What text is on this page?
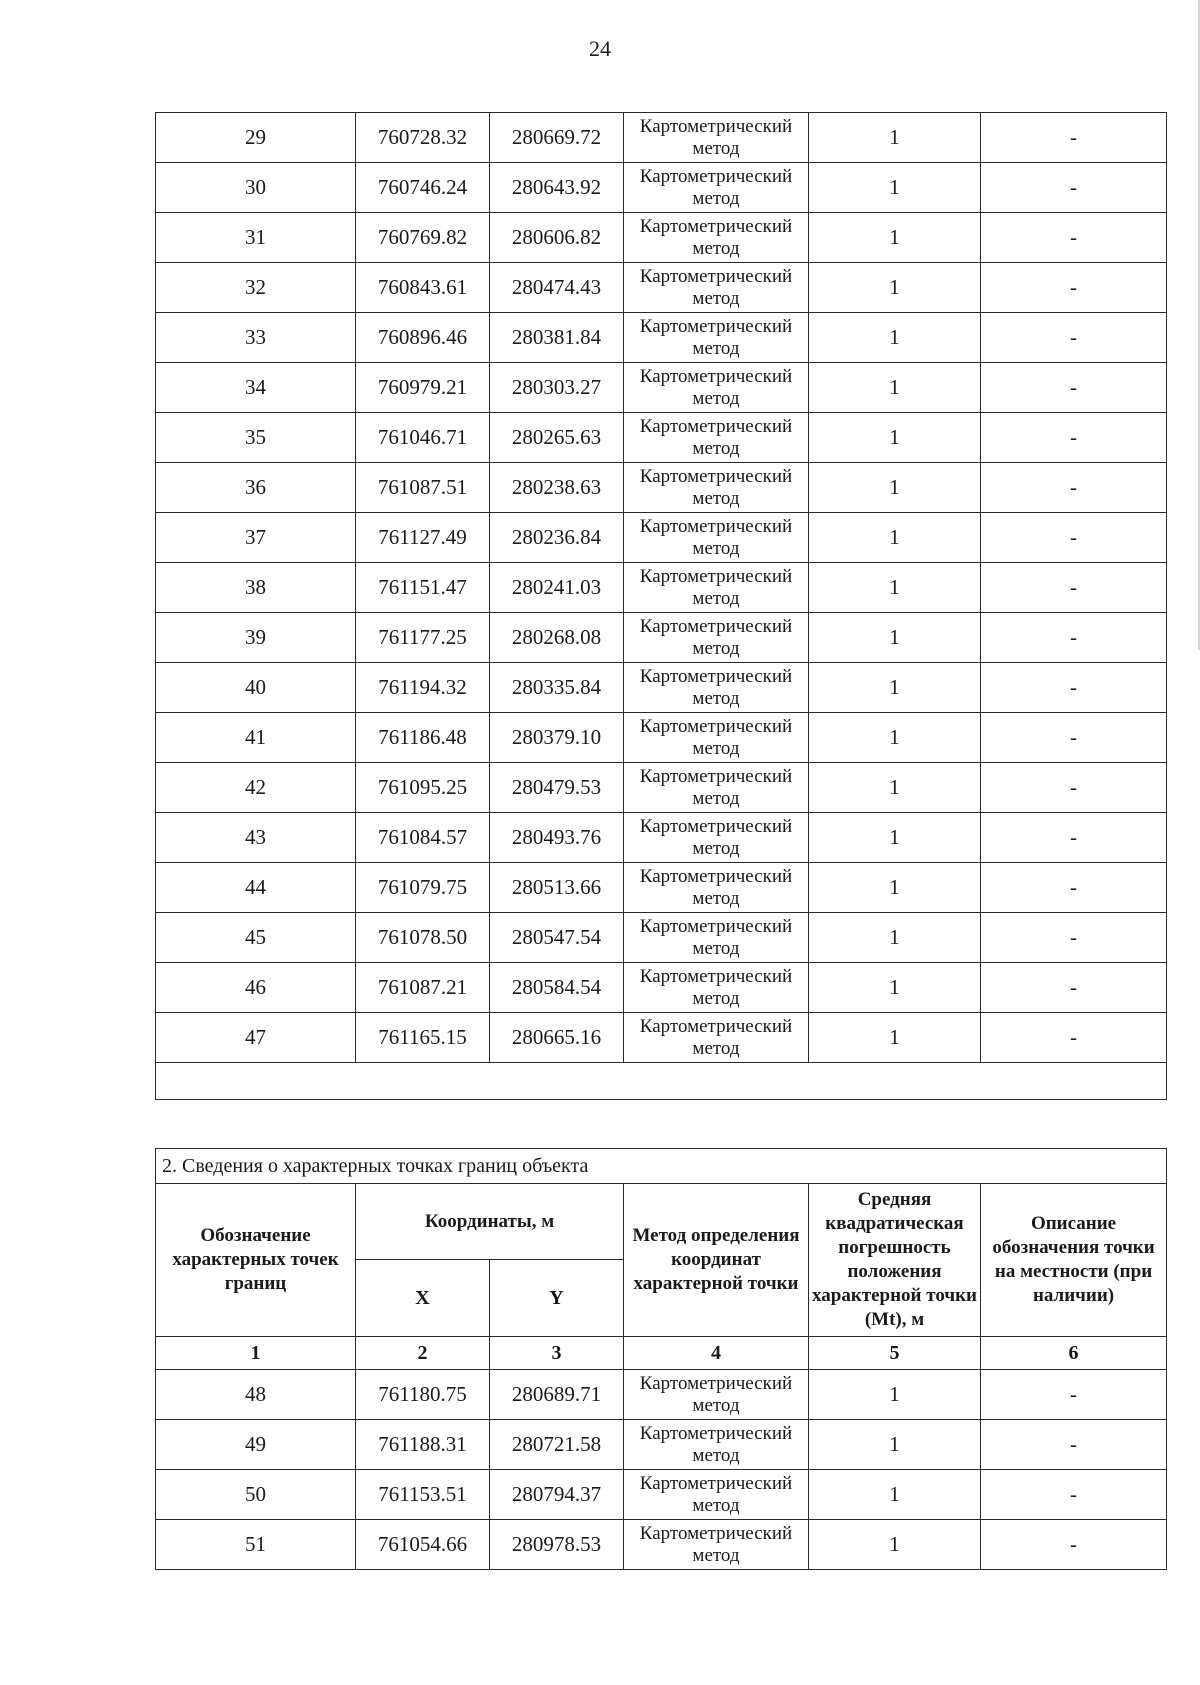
24
29	760728.32	280669.72	Картометрический метод	1	-
30	760746.24	280643.92	Картометрический метод	1	-
31	760769.82	280606.82	Картометрический метод	1	-
32	760843.61	280474.43	Картометрический метод	1	-
33	760896.46	280381.84	Картометрический метод	1	-
34	760979.21	280303.27	Картометрический метод	1	-
35	761046.71	280265.63	Картометрический метод	1	-
36	761087.51	280238.63	Картометрический метод	1	-
37	761127.49	280236.84	Картометрический метод	1	-
38	761151.47	280241.03	Картометрический метод	1	-
39	761177.25	280268.08	Картометрический метод	1	-
40	761194.32	280335.84	Картометрический метод	1	-
41	761186.48	280379.10	Картометрический метод	1	-
42	761095.25	280479.53	Картометрический метод	1	-
43	761084.57	280493.76	Картометрический метод	1	-
44	761079.75	280513.66	Картометрический метод	1	-
45	761078.50	280547.54	Картометрический метод	1	-
46	761087.21	280584.54	Картометрический метод	1	-
47	761165.15	280665.16	Картометрический метод	1	-

2. Сведения о характерных точках границ объекта					
Обозначение характерных точек границ	Координаты, м		Метод определения координат характерной точки	Средняя квадратическая погрешность положения характерной точки (Mt), м	Описание обозначения точки на местности (при наличии)
	X	Y			
1	2	3	4	5	6
48	761180.75	280689.71	Картометрический метод	1	-
49	761188.31	280721.58	Картометрический метод	1	-
50	761153.51	280794.37	Картометрический метод	1	-
51	761054.66	280978.53	Картометрический метод	1	-
